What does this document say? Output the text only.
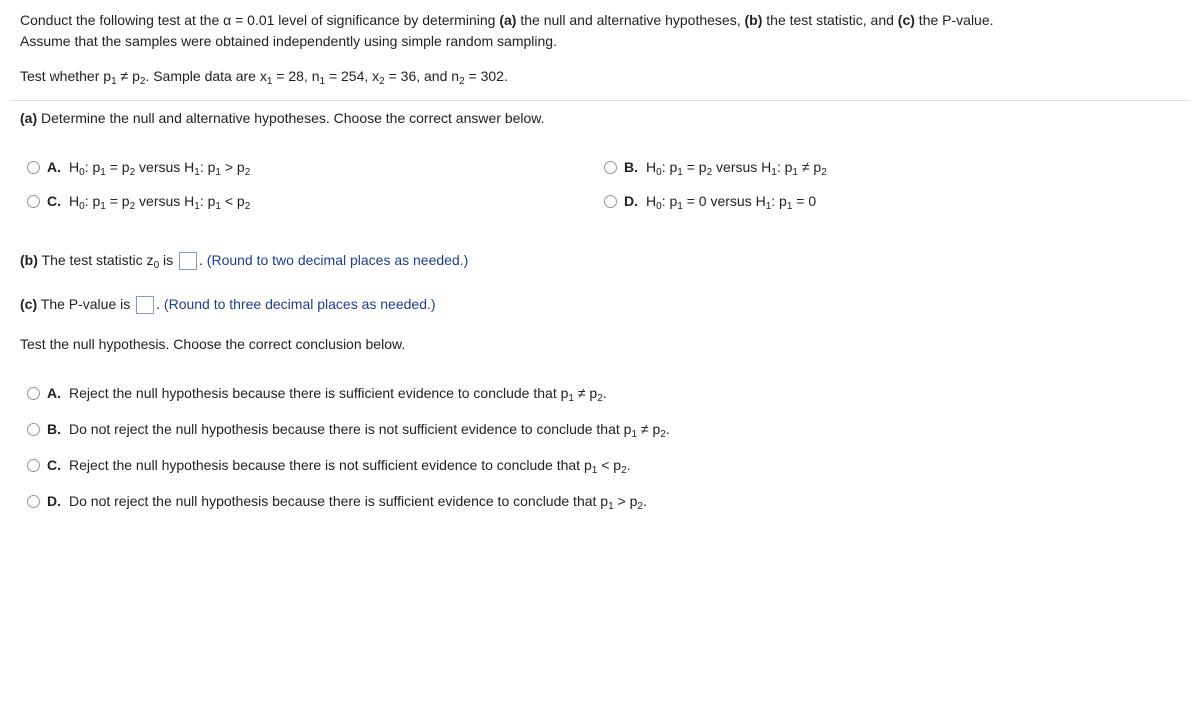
Conduct the following test at the α = 0.01 level of significance by determining (a) the null and alternative hypotheses, (b) the test statistic, and (c) the P-value.
Assume that the samples were obtained independently using simple random sampling.
Test whether $p_1 \ne p_2$. Sample data are $x_1 = 28$, $n_1 = 254$, $x_2 = 36$, and $n_2 = 302$.
(a) Determine the null and alternative hypotheses. Choose the correct answer below.
A. $H_0$: $p_1 = p_2$ versus $H_1$: $p_1 > p_2$	B. $H_0$: $p_1 = p_2$ versus $H_1$: $p_1 \ne p_2$
C. $H_0$: $p_1 = p_2$ versus $H_1$: $p_1 < p_2$	D. $H_0$: $p_1 = 0$ versus $H_1$: $p_1 = 0$
(b) The test statistic $z_0$ is . (Round to two decimal places as needed.)
(c) The P-value is . (Round to three decimal places as needed.)
Test the null hypothesis. Choose the correct conclusion below.
A. Reject the null hypothesis because there is sufficient evidence to conclude that $p_1 \ne p_2$.
B. Do not reject the null hypothesis because there is not sufficient evidence to conclude that $p_1 \ne p_2$.
C. Reject the null hypothesis because there is not sufficient evidence to conclude that $p_1 < p_2$.
D. Do not reject the null hypothesis because there is sufficient evidence to conclude that $p_1 > p_2$.
